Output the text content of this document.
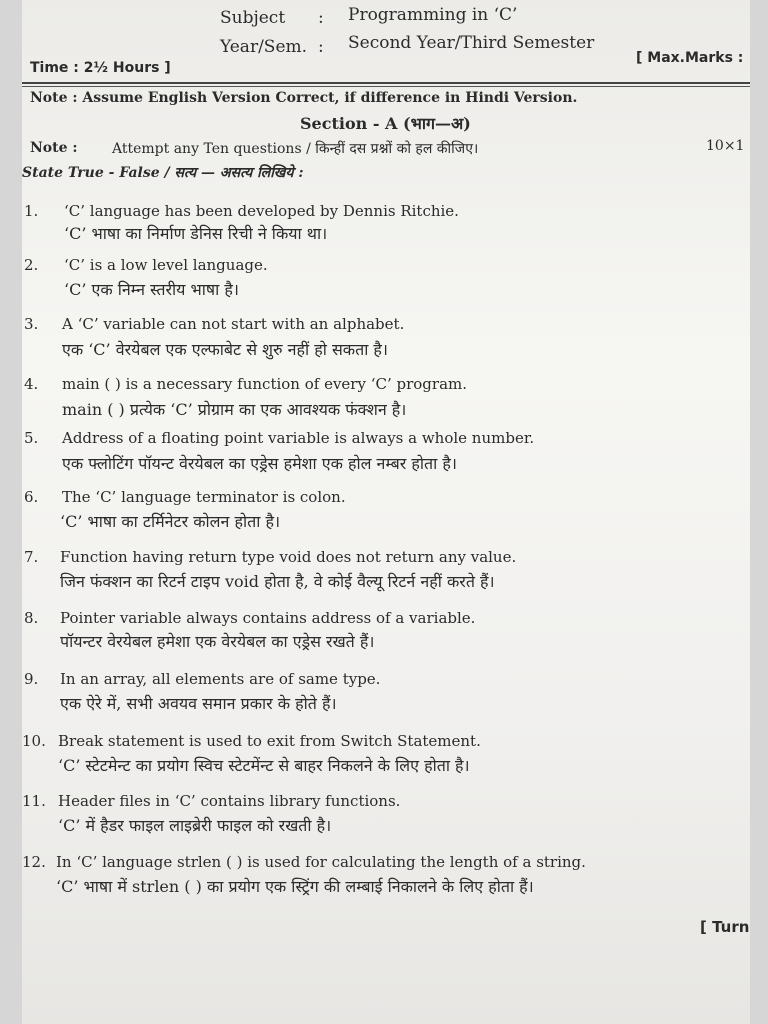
Subject : Programming in ‘C’
Year/Sem. : Second Year/Third Semester
Time : 2½ Hours ]
[ Max.Marks :
Note : Assume English Version Correct, if difference in Hindi Version.
Section - A (भाग—अ)
Note : Attempt any Ten questions / किन्हीं दस प्रश्नों को हल कीजिए।	10×1
State True - False / सत्य — असत्य लिखिये :
1. ‘C’ language has been developed by Dennis Ritchie.
‘C’ भाषा का निर्माण डेनिस रिची ने किया था।
2. ‘C’ is a low level language.
‘C’ एक निम्न स्तरीय भाषा है।
3. A ‘C’ variable can not start with an alphabet.
एक ‘C’ वेरयेबल एक एल्फाबेट से शुरु नहीं हो सकता है।
4. main ( ) is a necessary function of every ‘C’ program.
main ( ) प्रत्येक ‘C’ प्रोग्राम का एक आवश्यक फंक्शन है।
5. Address of a floating point variable is always a whole number.
एक फ्लोटिंग पॉयन्ट वेरयेबल का एड्रेस हमेशा एक होल नम्बर होता है।
6. The ‘C’ language terminator is colon.
‘C’ भाषा का टर्मिनेटर कोलन होता है।
7. Function having return type void does not return any value.
जिन फंक्शन का रिटर्न टाइप void होता है, वे कोई वैल्यू रिटर्न नहीं करते हैं।
8. Pointer variable always contains address of a variable.
पॉयन्टर वेरयेबल हमेशा एक वेरयेबल का एड्रेस रखते हैं।
9. In an array, all elements are of same type.
एक ऐरे में, सभी अवयव समान प्रकार के होते हैं।
10. Break statement is used to exit from Switch Statement.
‘C’ स्टेटमेन्ट का प्रयोग स्विच स्टेटमेंन्ट से बाहर निकलने के लिए होता है।
11. Header files in ‘C’ contains library functions.
‘C’ में हैडर फाइल लाइब्रेरी फाइल को रखती है।
12. In ‘C’ language strlen ( ) is used for calculating the length of a string.
‘C’ भाषा में strlen ( ) का प्रयोग एक स्ट्रिंग की लम्बाई निकालने के लिए होता हैं।
[ Turn
